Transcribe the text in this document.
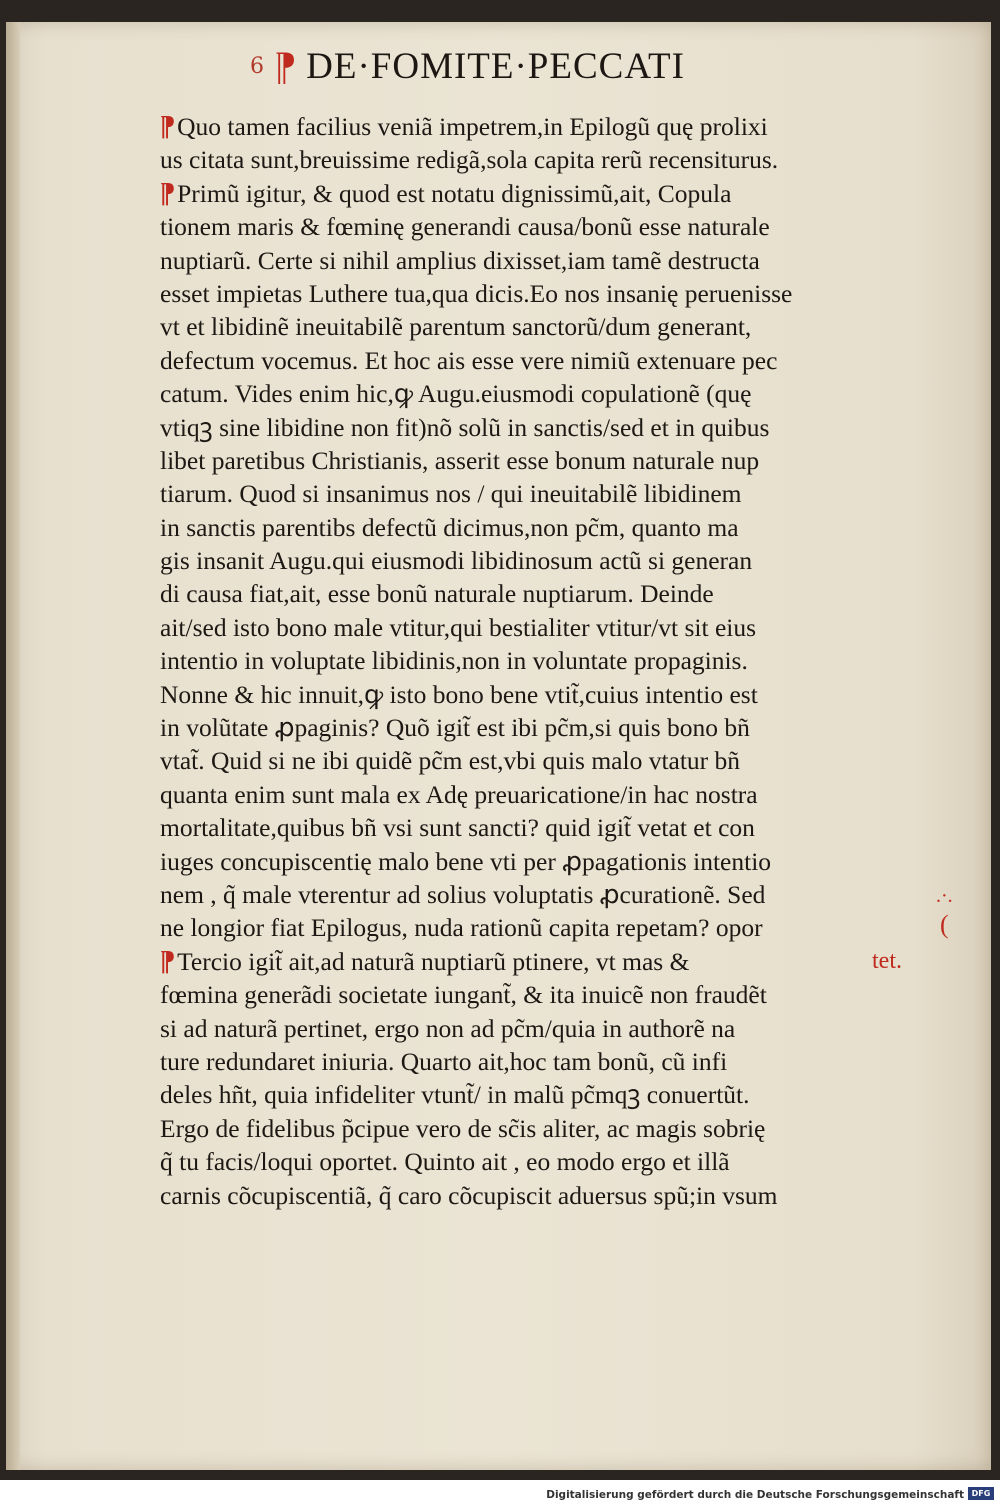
6 ¶ DE·FOMITE·PECCATI
¶Quo tamen facilius veniã impetrem,in Epilogũ quę prolixi
us citata sunt,breuissime redigã,sola capita rerũ recensiturus.
¶Primũ igitur, & quod est notatu dignissimũ,ait, Copula
tionem maris & fœminę generandi causa/bonũ esse naturale
nuptiarũ. Certe si nihil amplius dixisset,iam tamẽ destructa
esset impietas Luthere tua,qua dicis.Eo nos insanię peruenisse
vt et libidinẽ ineuitabilẽ parentum sanctorũ/dum generant,
defectum vocemus. Et hoc ais esse vere nimiũ extenuare pec
catum. Vides enim hic,ꝙ Augu.eiusmodi copulationẽ (quę
vtiqꝫ sine libidine non fit)nõ solũ in sanctis/sed et in quibus
libet paretibus Christianis, asserit esse bonum naturale nup
tiarum. Quod si insanimus nos / qui ineuitabilẽ libidinem
in sanctis parentibs defectũ dicimus,non pc̃m, quanto ma
gis insanit Augu.qui eiusmodi libidinosum actũ si generan
di causa fiat,ait, esse bonũ naturale nuptiarum. Deinde
ait/sed isto bono male vtitur,qui bestialiter vtitur/vt sit eius
intentio in voluptate libidinis,non in voluntate propaginis.
Nonne & hic innuit,ꝙ isto bono bene vtit̃,cuius intentio est
in volũtate ꝓpaginis? Quõ igit̃ est ibi pc̃m,si quis bono bñ
vtat̃. Quid si ne ibi quidẽ pc̃m est,vbi quis malo vtatur bñ
quanta enim sunt mala ex Adę preuaricatione/in hac nostra
mortalitate,quibus bñ vsi sunt sancti? quid igit̃ vetat et con
iuges concupiscentię malo bene vti per ꝓpagationis intentio
nem , q̃ male vterentur ad solius voluptatis ꝓcurationẽ. Sed
ne longior fiat Epilogus, nuda rationũ capita repetam? opor
¶Tercio igit̃ ait,ad naturã nuptiarũ ptinere, vt mas &
fœmina generãdi societate iungant̃, & ita inuicẽ non fraudẽt
si ad naturã pertinet, ergo non ad pc̃m/quia in authorẽ na
ture redundaret iniuria. Quarto ait,hoc tam bonũ, cũ infi
deles hñt, quia infideliter vtunt̃/ in malũ pc̃mqꝫ conuertũt.
Ergo de fidelibus p̃cipue vero de sc̃is aliter, ac magis sobrię
q̃ tu facis/loqui oportet. Quinto ait , eo modo ergo et illã
carnis cõcupiscentiã, q̃ caro cõcupiscit aduersus spũ;in vsum
tet.
.·.
(
Digitalisierung gefördert durch die Deutsche Forschungsgemeinschaft DFG
